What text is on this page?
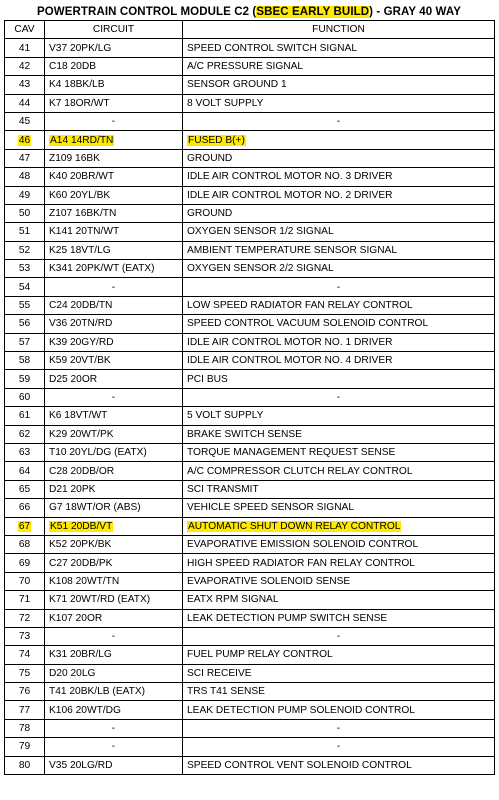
POWERTRAIN CONTROL MODULE C2 (SBEC EARLY BUILD) - GRAY 40 WAY
CAV	CIRCUIT	FUNCTION
41	V37 20PK/LG	SPEED CONTROL SWITCH SIGNAL
42	C18 20DB	A/C PRESSURE SIGNAL
43	K4 18BK/LB	SENSOR GROUND 1
44	K7 18OR/WT	8 VOLT SUPPLY
45	-	-
46	A14 14RD/TN	FUSED B(+)
47	Z109 16BK	GROUND
48	K40 20BR/WT	IDLE AIR CONTROL MOTOR NO. 3 DRIVER
49	K60 20YL/BK	IDLE AIR CONTROL MOTOR NO. 2 DRIVER
50	Z107 16BK/TN	GROUND
51	K141 20TN/WT	OXYGEN SENSOR 1/2 SIGNAL
52	K25 18VT/LG	AMBIENT TEMPERATURE SENSOR SIGNAL
53	K341 20PK/WT (EATX)	OXYGEN SENSOR 2/2 SIGNAL
54	-	-
55	C24 20DB/TN	LOW SPEED RADIATOR FAN RELAY CONTROL
56	V36 20TN/RD	SPEED CONTROL VACUUM SOLENOID CONTROL
57	K39 20GY/RD	IDLE AIR CONTROL MOTOR NO. 1 DRIVER
58	K59 20VT/BK	IDLE AIR CONTROL MOTOR NO. 4 DRIVER
59	D25 20OR	PCI BUS
60	-	-
61	K6 18VT/WT	5 VOLT SUPPLY
62	K29 20WT/PK	BRAKE SWITCH SENSE
63	T10 20YL/DG (EATX)	TORQUE MANAGEMENT REQUEST SENSE
64	C28 20DB/OR	A/C COMPRESSOR CLUTCH RELAY CONTROL
65	D21 20PK	SCI TRANSMIT
66	G7 18WT/OR (ABS)	VEHICLE SPEED SENSOR SIGNAL
67	K51 20DB/VT	AUTOMATIC SHUT DOWN RELAY CONTROL
68	K52 20PK/BK	EVAPORATIVE EMISSION SOLENOID CONTROL
69	C27 20DB/PK	HIGH SPEED RADIATOR FAN RELAY CONTROL
70	K108 20WT/TN	EVAPORATIVE SOLENOID SENSE
71	K71 20WT/RD (EATX)	EATX RPM SIGNAL
72	K107 20OR	LEAK DETECTION PUMP SWITCH SENSE
73	-	-
74	K31 20BR/LG	FUEL PUMP RELAY CONTROL
75	D20 20LG	SCI RECEIVE
76	T41 20BK/LB (EATX)	TRS T41 SENSE
77	K106 20WT/DG	LEAK DETECTION PUMP SOLENOID CONTROL
78	-	-
79	-	-
80	V35 20LG/RD	SPEED CONTROL VENT SOLENOID CONTROL
